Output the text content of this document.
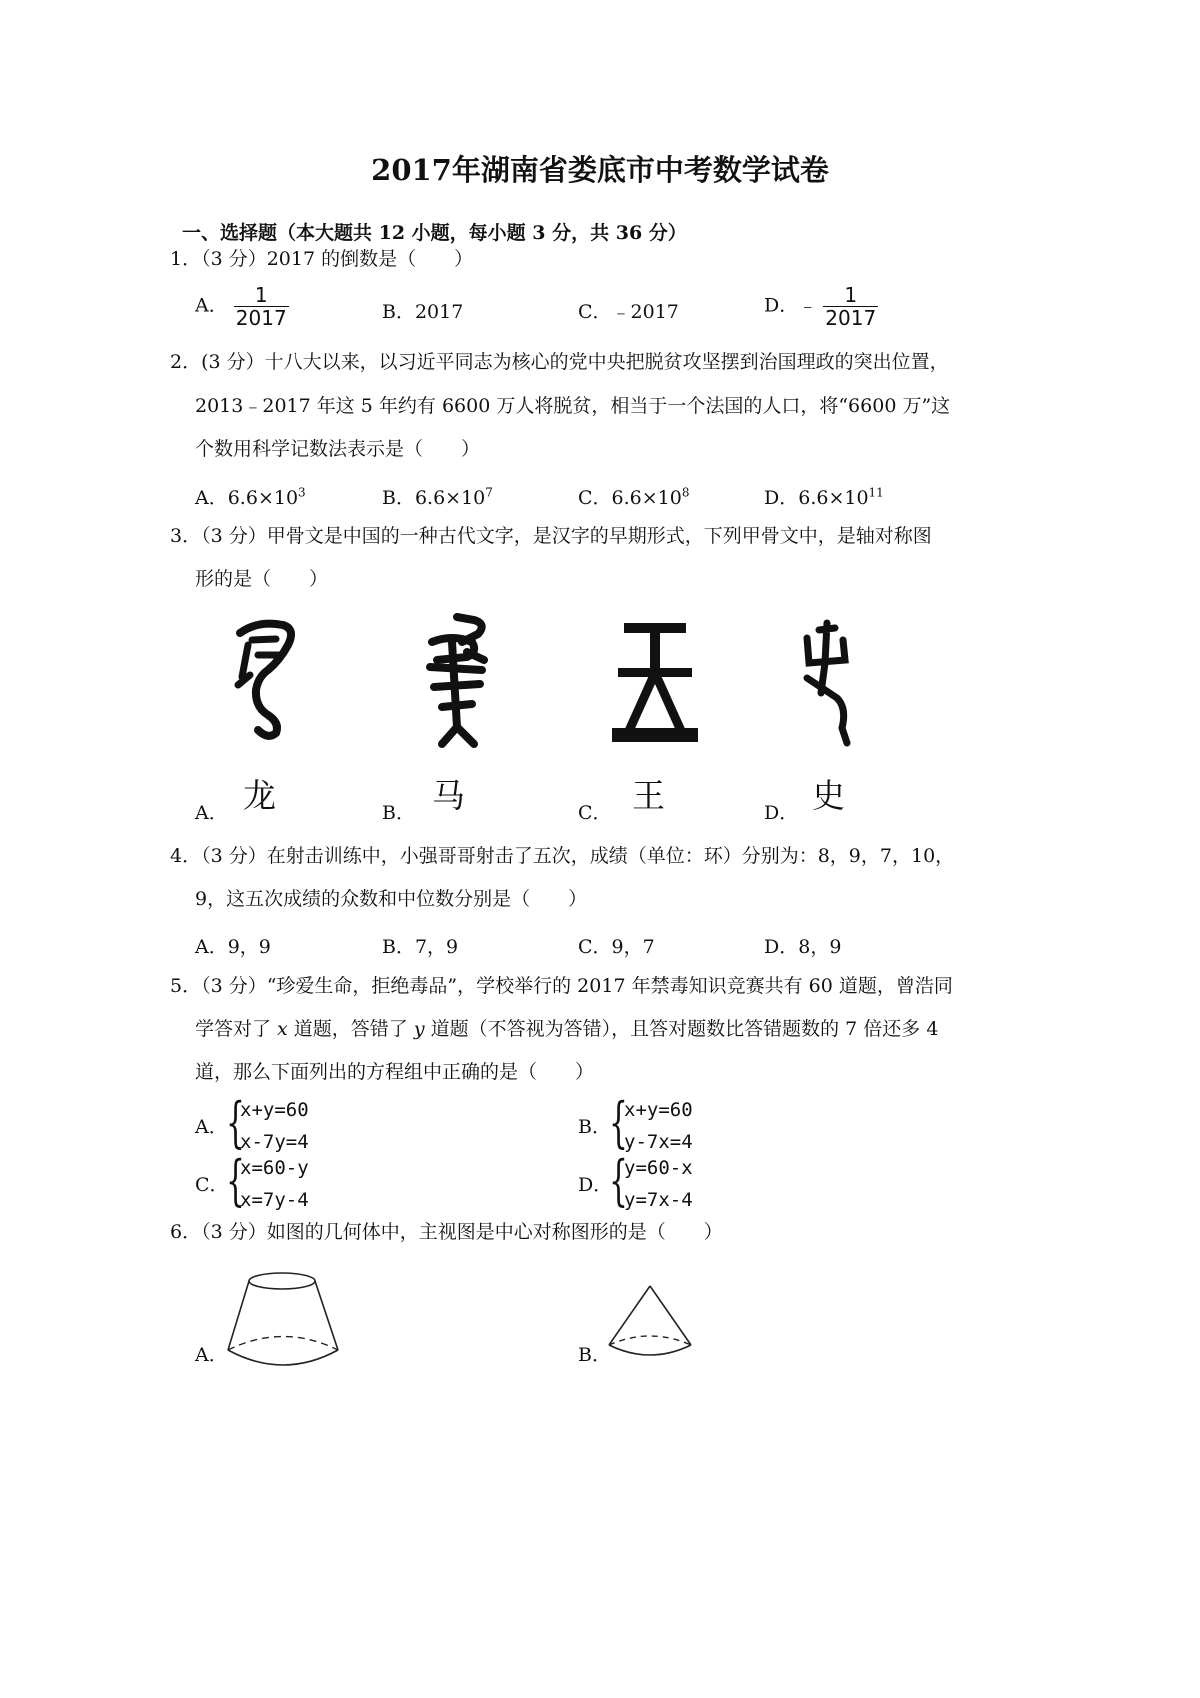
2017年湖南省娄底市中考数学试卷
一、选择题（本大题共 12 小题，每小题 3 分，共 36 分）
1．（3 分）2017 的倒数是（　　）
A． $\frac{1}{2017}$	B．2017	C．﹣2017	D．﹣ $\frac{1}{2017}$
2．(3 分）十八大以来，以习近平同志为核心的党中央把脱贫攻坚摆到治国理政的突出位置，
2013﹣2017 年这 5 年约有 6600 万人将脱贫，相当于一个法国的人口，将“6600 万”这
个数用科学记数法表示是（　　）
A．$6.6\times 10^3$	B．$6.6\times 10^7$	C．$6.6\times 10^8$	D．$6.6\times 10^{11}$
3．（3 分）甲骨文是中国的一种古代文字，是汉字的早期形式，下列甲骨文中，是轴对称图
形的是（　　）
龙	马	王	史
A．	B．	C．	D．
4．（3 分）在射击训练中，小强哥哥射击了五次，成绩（单位：环）分别为：8，9，7，10，
9，这五次成绩的众数和中位数分别是（　　）
A．9，9	B．7，9	C．9，7	D．8，9
5．（3 分）“珍爱生命，拒绝毒品”，学校举行的 2017 年禁毒知识竞赛共有 60 道题，曾浩同
学答对了 x 道题，答错了 y 道题（不答视为答错），且答对题数比答错题数的 7 倍还多 4
道，那么下面列出的方程组中正确的是（　　）
A．
{
x+y=60
x-7y=4
B．
{
x+y=60
y-7x=4
C．
{
x=60-y
x=7y-4
D．
{
y=60-x
y=7x-4
6．（3 分）如图的几何体中，主视图是中心对称图形的是（　　）
A．	B．
